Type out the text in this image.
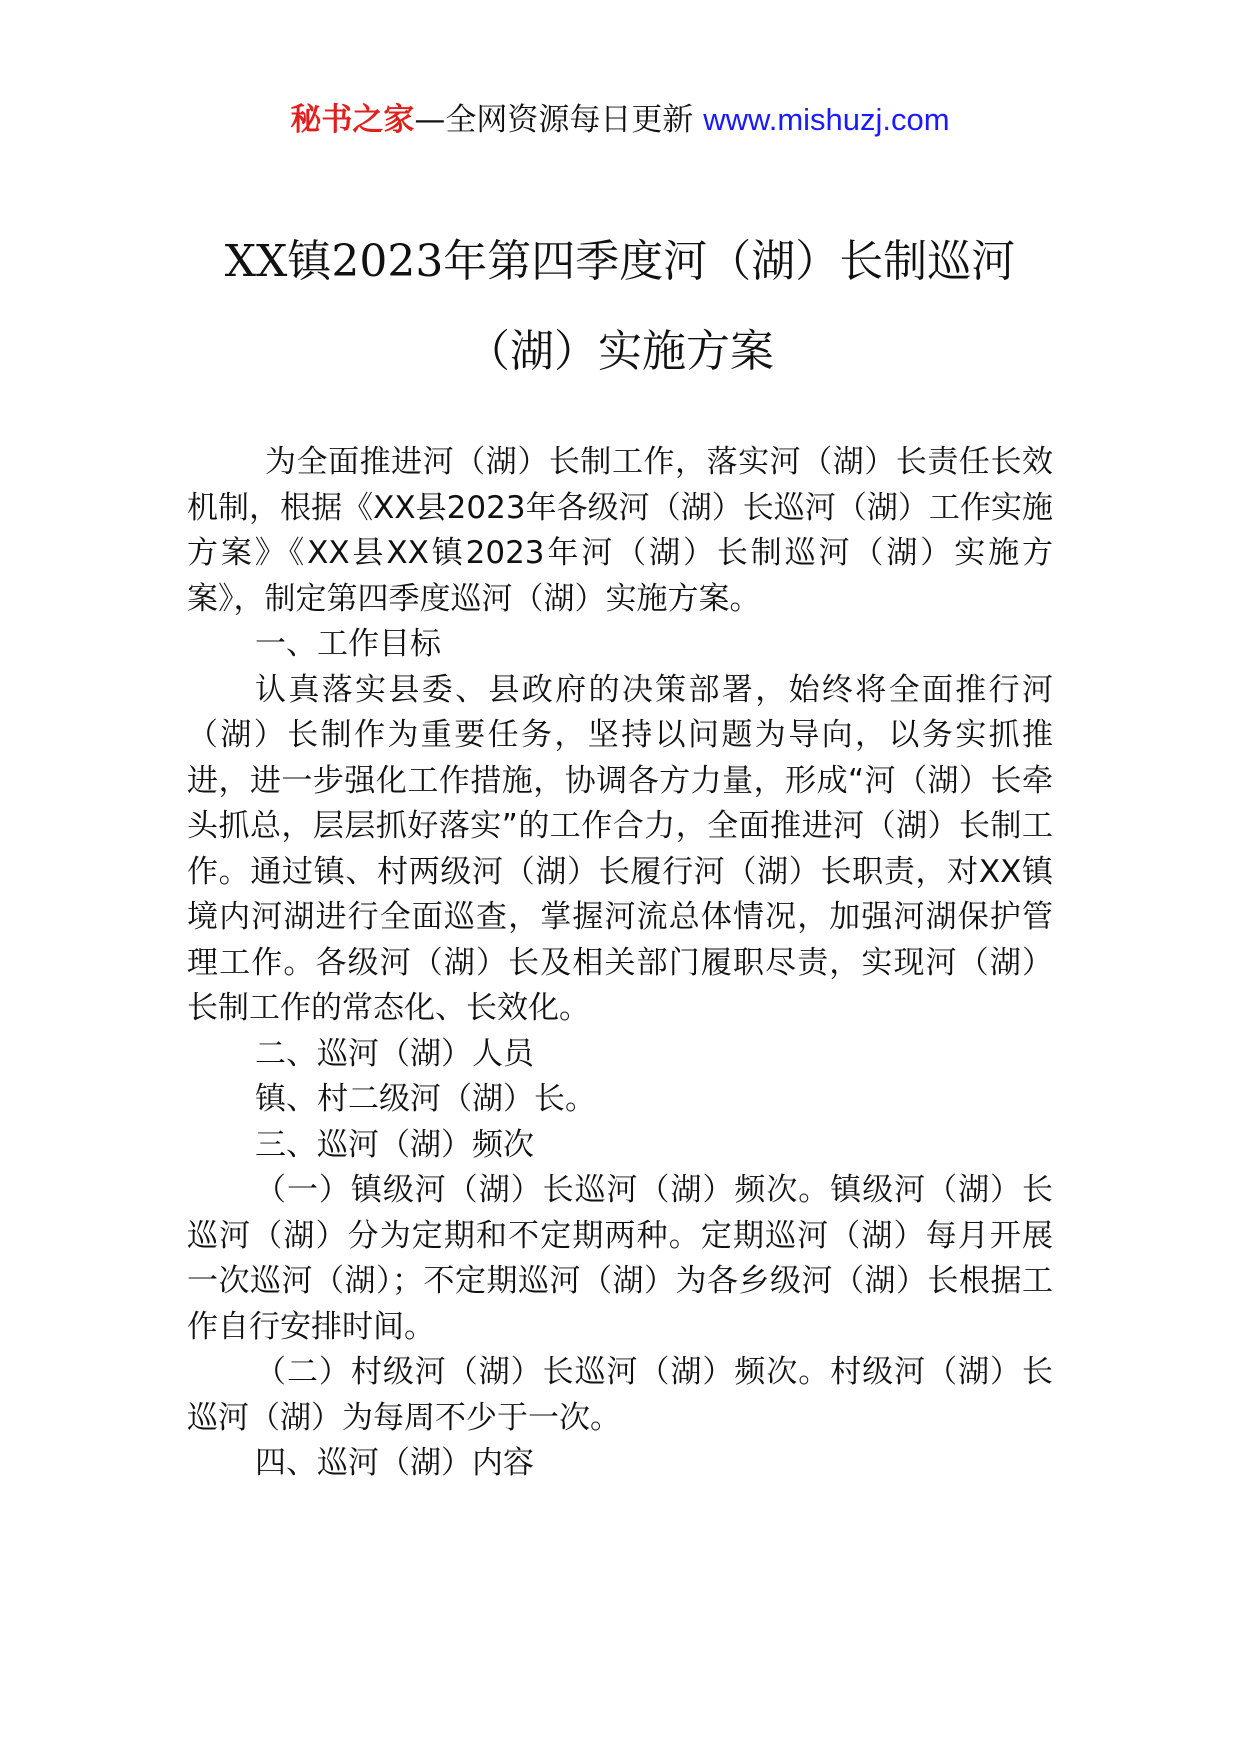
秘书之家—全网资源每日更新 www.mishuzj.com
XX镇2023年第四季度河（湖）长制巡河
（湖）实施方案

为全面推进河（湖）长制工作，落实河（湖）长责任长效机制，根据《XX县2023年各级河（湖）长巡河（湖）工作实施方案》《XX县XX镇2023年河（湖）长制巡河（湖）实施方案》，制定第四季度巡河（湖）实施方案。

一、工作目标

认真落实县委、县政府的决策部署，始终将全面推行河（湖）长制作为重要任务，坚持以问题为导向，以务实抓推进，进一步强化工作措施，协调各方力量，形成“河（湖）长牵头抓总，层层抓好落实”的工作合力，全面推进河（湖）长制工作。通过镇、村两级河（湖）长履行河（湖）长职责，对XX镇境内河湖进行全面巡查，掌握河流总体情况，加强河湖保护管理工作。各级河（湖）长及相关部门履职尽责，实现河（湖）长制工作的常态化、长效化。

二、巡河（湖）人员

镇、村二级河（湖）长。

三、巡河（湖）频次

（一）镇级河（湖）长巡河（湖）频次。镇级河（湖）长巡河（湖）分为定期和不定期两种。定期巡河（湖）每月开展一次巡河（湖）；不定期巡河（湖）为各乡级河（湖）长根据工作自行安排时间。

（二）村级河（湖）长巡河（湖）频次。村级河（湖）长巡河（湖）为每周不少于一次。

四、巡河（湖）内容
